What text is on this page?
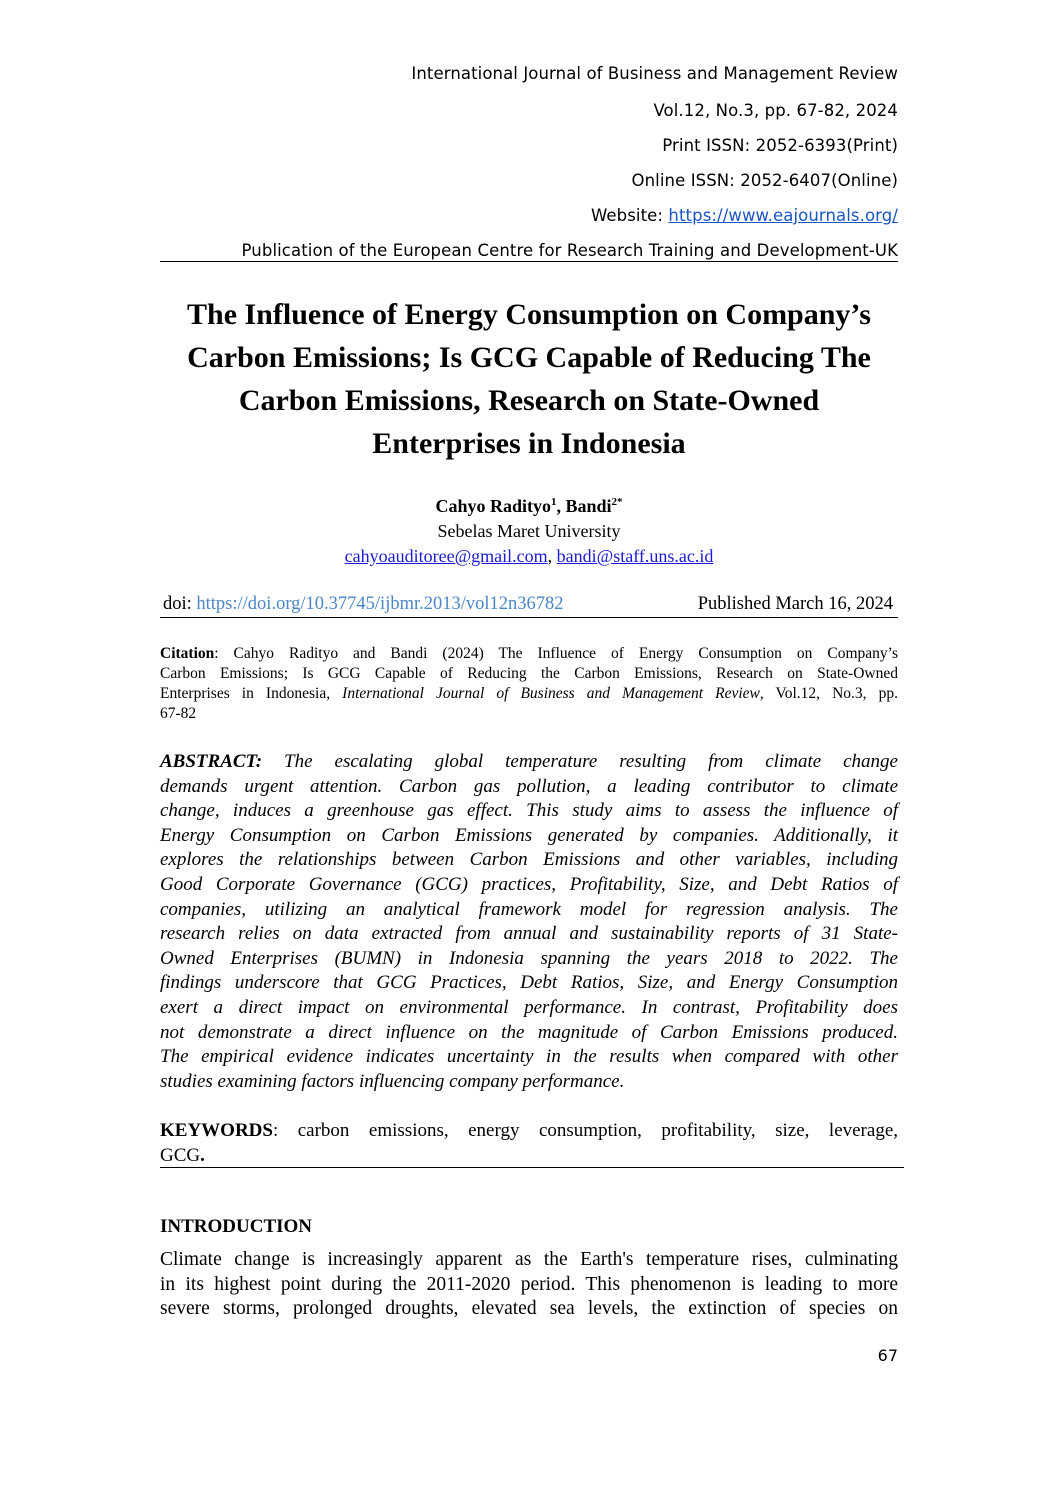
International Journal of Business and Management Review
Vol.12, No.3, pp. 67-82, 2024
Print ISSN: 2052-6393(Print)
Online ISSN: 2052-6407(Online)
Website: https://www.eajournals.org/
Publication of the European Centre for Research Training and Development-UK
The Influence of Energy Consumption on Company’s
Carbon Emissions; Is GCG Capable of Reducing The
Carbon Emissions, Research on State-Owned
Enterprises in Indonesia
Cahyo Radityo$^1$, Bandi$^{2*}$
Sebelas Maret University
cahyoauditoree@gmail.com, bandi@staff.uns.ac.id
doi: https://doi.org/10.37745/ijbmr.2013/vol12n36782	Published March 16, 2024
Citation: Cahyo Radityo and Bandi (2024) The Influence of Energy Consumption on Company’s
Carbon Emissions; Is GCG Capable of Reducing the Carbon Emissions, Research on State-Owned
Enterprises in Indonesia, International Journal of Business and Management Review, Vol.12, No.3, pp.
67-82
ABSTRACT: The escalating global temperature resulting from climate change
demands urgent attention. Carbon gas pollution, a leading contributor to climate
change, induces a greenhouse gas effect. This study aims to assess the influence of
Energy Consumption on Carbon Emissions generated by companies. Additionally, it
explores the relationships between Carbon Emissions and other variables, including
Good Corporate Governance (GCG) practices, Profitability, Size, and Debt Ratios of
companies, utilizing an analytical framework model for regression analysis. The
research relies on data extracted from annual and sustainability reports of 31 State-
Owned Enterprises (BUMN) in Indonesia spanning the years 2018 to 2022. The
findings underscore that GCG Practices, Debt Ratios, Size, and Energy Consumption
exert a direct impact on environmental performance. In contrast, Profitability does
not demonstrate a direct influence on the magnitude of Carbon Emissions produced.
The empirical evidence indicates uncertainty in the results when compared with other
studies examining factors influencing company performance.
KEYWORDS: carbon emissions, energy consumption, profitability, size, leverage,
GCG.
INTRODUCTION
Climate change is increasingly apparent as the Earth's temperature rises, culminating
in its highest point during the 2011-2020 period. This phenomenon is leading to more
severe storms, prolonged droughts, elevated sea levels, the extinction of species on
67
